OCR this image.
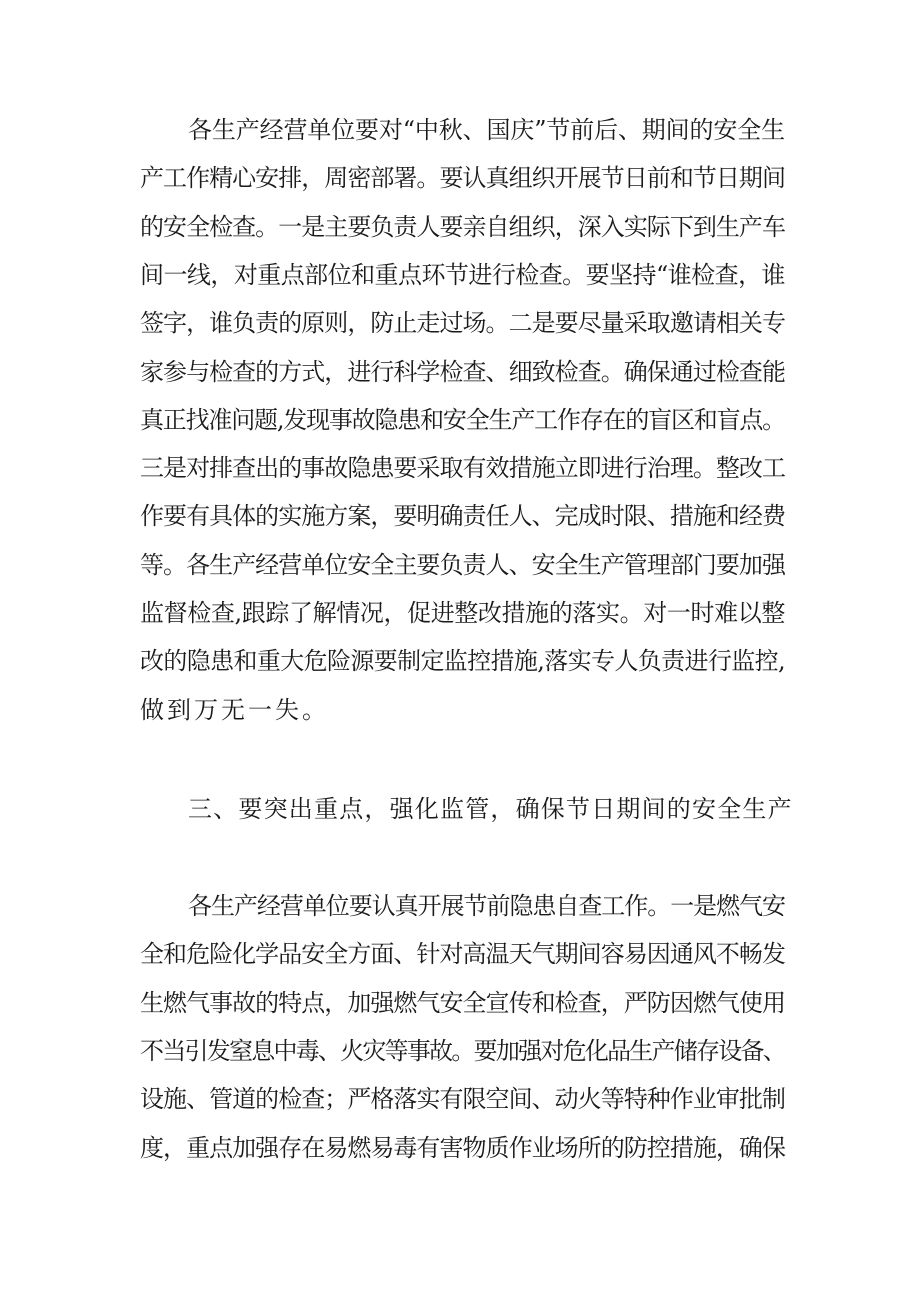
各生产经营单位要对“中秋、国庆”节前后、期间的安全生
产工作精心安排，周密部署。要认真组织开展节日前和节日期间
的安全检查。一是主要负责人要亲自组织，深入实际下到生产车
间一线，对重点部位和重点环节进行检查。要坚持“谁检查，谁
签字，谁负责的原则，防止走过场。二是要尽量采取邀请相关专
家参与检查的方式，进行科学检查、细致检查。确保通过检查能
真正找准问题,发现事故隐患和安全生产工作存在的盲区和盲点。
三是对排查出的事故隐患要采取有效措施立即进行治理。整改工
作要有具体的实施方案，要明确责任人、完成时限、措施和经费
等。各生产经营单位安全主要负责人、安全生产管理部门要加强
监督检查,跟踪了解情况，促进整改措施的落实。对一时难以整
改的隐患和重大危险源要制定监控措施,落实专人负责进行监控,
做到万无一失。
三、要突出重点，强化监管，确保节日期间的安全生产
各生产经营单位要认真开展节前隐患自查工作。一是燃气安
全和危险化学品安全方面、针对高温天气期间容易因通风不畅发
生燃气事故的特点，加强燃气安全宣传和检查，严防因燃气使用
不当引发窒息中毒、火灾等事故。要加强对危化品生产储存设备、
设施、管道的检查；严格落实有限空间、动火等特种作业审批制
度，重点加强存在易燃易毒有害物质作业场所的防控措施，确保
